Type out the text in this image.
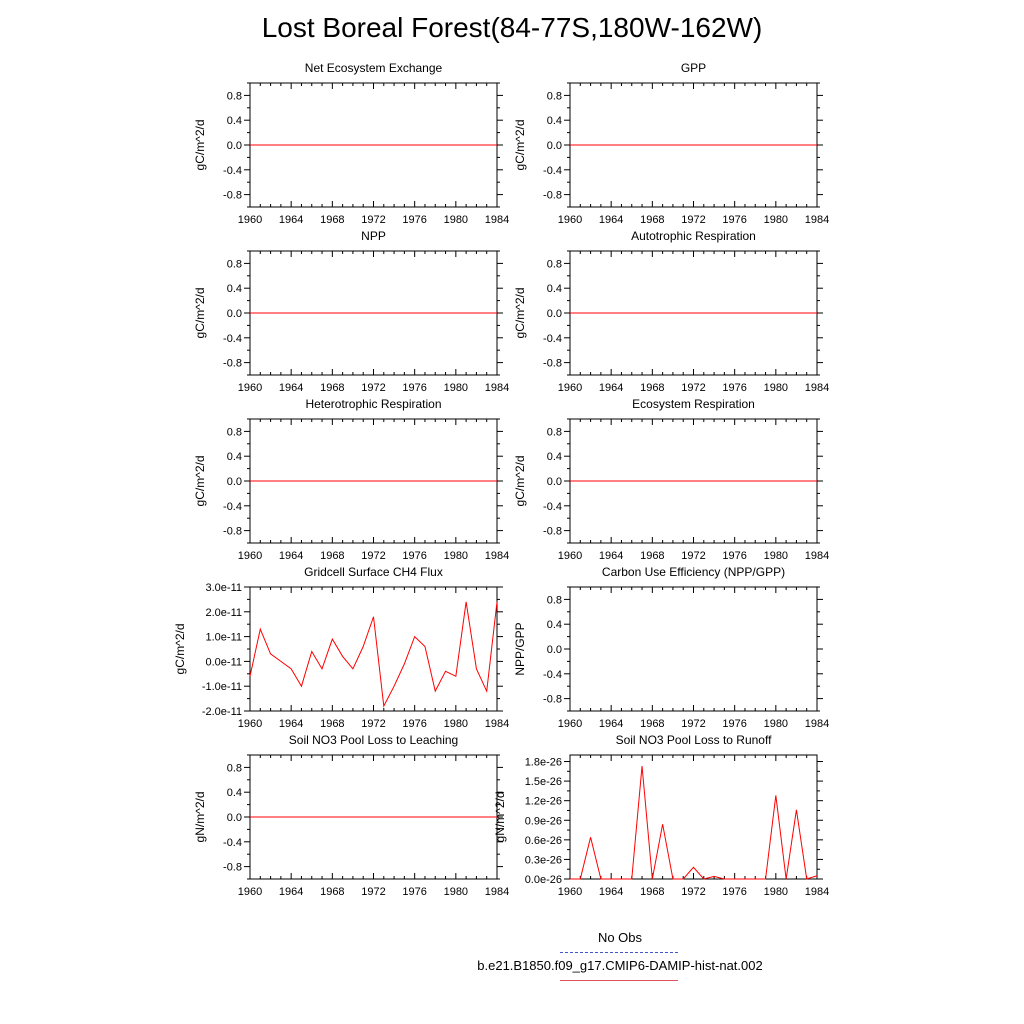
Lost Boreal Forest(84-77S,180W-162W)
Net Ecosystem Exchange
gC/m^2/d
1960 1964 1968 1972 1976 1980 1984
-0.8
-0.4
0.0
0.4
0.8
GPP
gC/m^2/d
1960 1964 1968 1972 1976 1980 1984
-0.8
-0.4
0.0
0.4
0.8
NPP
gC/m^2/d
1960 1964 1968 1972 1976 1980 1984
-0.8
-0.4
0.0
0.4
0.8
Autotrophic Respiration
gC/m^2/d
1960 1964 1968 1972 1976 1980 1984
-0.8
-0.4
0.0
0.4
0.8
Heterotrophic Respiration
gC/m^2/d
1960 1964 1968 1972 1976 1980 1984
-0.8
-0.4
0.0
0.4
0.8
Ecosystem Respiration
gC/m^2/d
1960 1964 1968 1972 1976 1980 1984
-0.8
-0.4
0.0
0.4
0.8
Gridcell Surface CH4 Flux
gC/m^2/d
1960 1964 1968 1972 1976 1980 1984
-2.0e-11
-1.0e-11
0.0e-11
1.0e-11
2.0e-11
3.0e-11
Carbon Use Efficiency (NPP/GPP)
NPP/GPP
1960 1964 1968 1972 1976 1980 1984
-0.8
-0.4
0.0
0.4
0.8
Soil NO3 Pool Loss to Leaching
gN/m^2/d
1960 1964 1968 1972 1976 1980 1984
-0.8
-0.4
0.0
0.4
0.8
Soil NO3 Pool Loss to Runoff
gN/m^2/d
1960 1964 1968 1972 1976 1980 1984
0.0e-26
0.3e-26
0.6e-26
0.9e-26
1.2e-26
1.5e-26
1.8e-26
No Obs
b.e21.B1850.f09_g17.CMIP6-DAMIP-hist-nat.002
